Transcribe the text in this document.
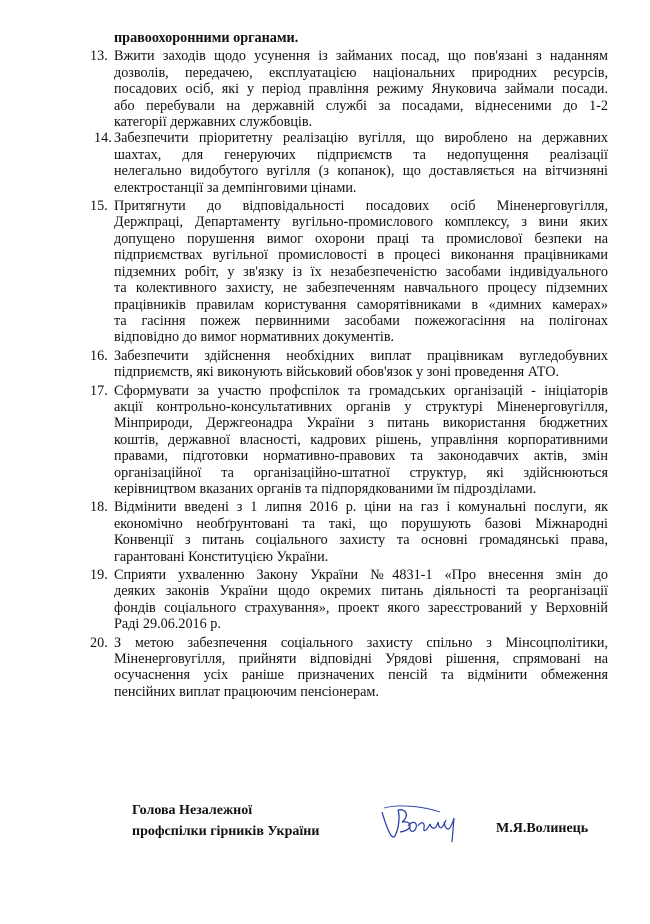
правоохоронними органами.

13. Вжити заходів щодо усунення із займаних посад, що пов'язані з наданням
дозволів, передачею, експлуатацією національних природних ресурсів,
посадових осіб, які у період правління режиму Януковича займали посади.
або перебували на державній службі за посадами, віднесеними до 1-2
категорії державних службовців.
14. Забезпечити пріоритетну реалізацію вугілля, що вироблено на державних
шахтах, для генеруючих підприємств та недопущення реалізації
нелегально видобутого вугілля (з копанок), що доставляється на вітчизняні
електростанції за демпінговими цінами.
15. Притягнути до відповідальності посадових осіб Міненерговугілля,
Держпраці, Департаменту вугільно-промислового комплексу, з вини яких
допущено порушення вимог охорони праці та промислової безпеки на
підприємствах вугільної промисловості в процесі виконання працівниками
підземних робіт, у зв'язку із їх незабезпеченістю засобами індивідуального
та колективного захисту, не забезпеченням навчального процесу підземних
працівників правилам користування саморятівниками в «димних камерах»
та гасіння пожеж первинними засобами пожежогасіння на полігонах
відповідно до вимог нормативних документів.
16. Забезпечити здійснення необхідних виплат працівникам вугледобувних
підприємств, які виконують військовий обов'язок у зоні проведення АТО.
17. Сформувати за участю профспілок та громадських організацій - ініціаторів
акції контрольно-консультативних органів у структурі Міненерговугілля,
Мінприроди, Держгеонадра України з питань використання бюджетних
коштів, державної власності, кадрових рішень, управління корпоративними
правами, підготовки нормативно-правових та законодавчих актів, змін
організаційної та організаційно-штатної структур, які здійснюються
керівництвом вказаних органів та підпорядкованими їм підрозділами.
18. Відмінити введені з 1 липня 2016 р. ціни на газ і комунальні послуги, як
економічно необґрунтовані та такі, що порушують базові Міжнародні
Конвенції з питань соціального захисту та основні громадянські права,
гарантовані Конституцією України.
19. Сприяти ухваленню Закону України №4831-1 «Про внесення змін до
деяких законів України щодо окремих питань діяльності та реорганізації
фондів соціального страхування», проект якого зареєстрований у Верховній
Раді 29.06.2016 р.
20. З метою забезпечення соціального захисту спільно з Мінсоцполітики,
Міненерговугілля, прийняти відповідні Урядові рішення, спрямовані на
осучаснення усіх раніше призначених пенсій та відмінити обмеження
пенсійних виплат працюючим пенсіонерам.
Голова Незалежної
профспілки гірників України	М.Я.Волинець
